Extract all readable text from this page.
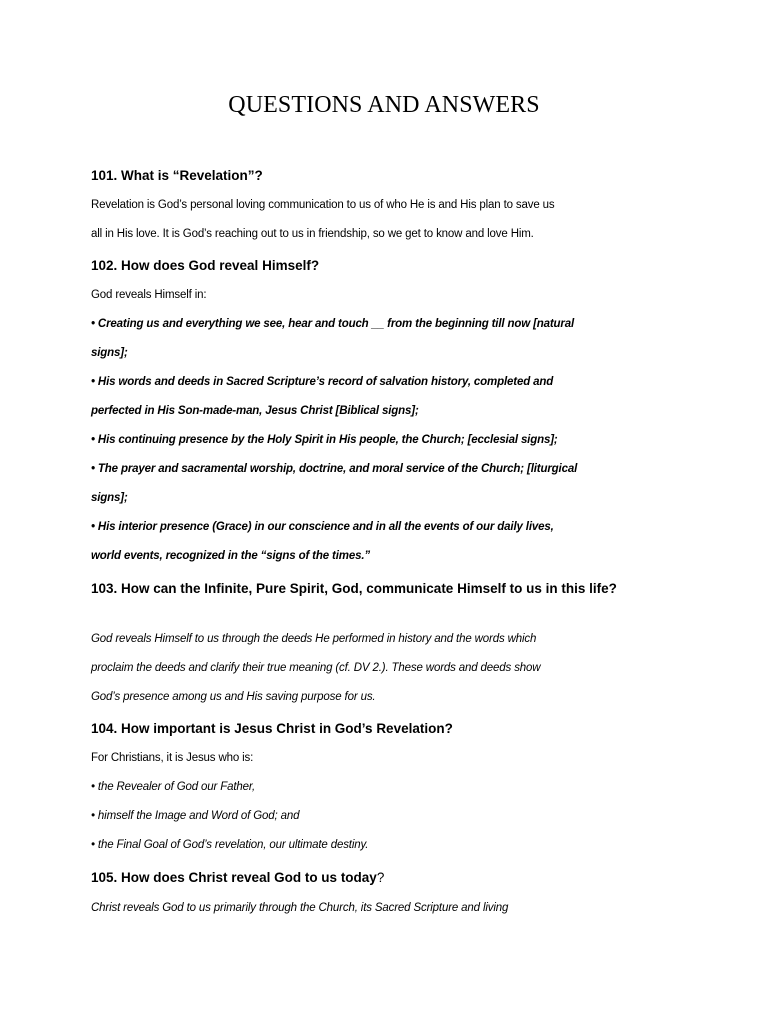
QUESTIONS AND ANSWERS
101. What is “Revelation”?
Revelation is God’s personal loving communication to us of who He is and His plan to save us
all in His love. It is God’s reaching out to us in friendship, so we get to know and love Him.
102. How does God reveal Himself?
God reveals Himself in:
• Creating us and everything we see, hear and touch __ from the beginning till now [natural
signs];
• His words and deeds in Sacred Scripture’s record of salvation history, completed and
perfected in His Son-made-man, Jesus Christ [Biblical signs];
• His continuing presence by the Holy Spirit in His people, the Church; [ecclesial signs];
• The prayer and sacramental worship, doctrine, and moral service of the Church; [liturgical
signs];
• His interior presence (Grace) in our conscience and in all the events of our daily lives,
world events, recognized in the “signs of the times.”
103. How can the Infinite, Pure Spirit, God, communicate Himself to us in this life?
God reveals Himself to us through the deeds He performed in history and the words which
proclaim the deeds and clarify their true meaning (cf. DV 2.). These words and deeds show
God’s presence among us and His saving purpose for us.
104. How important is Jesus Christ in God’s Revelation?
For Christians, it is Jesus who is:
• the Revealer of God our Father,
• himself the Image and Word of God; and
• the Final Goal of God’s revelation, our ultimate destiny.
105. How does Christ reveal God to us today?
Christ reveals God to us primarily through the Church, its Sacred Scripture and living
